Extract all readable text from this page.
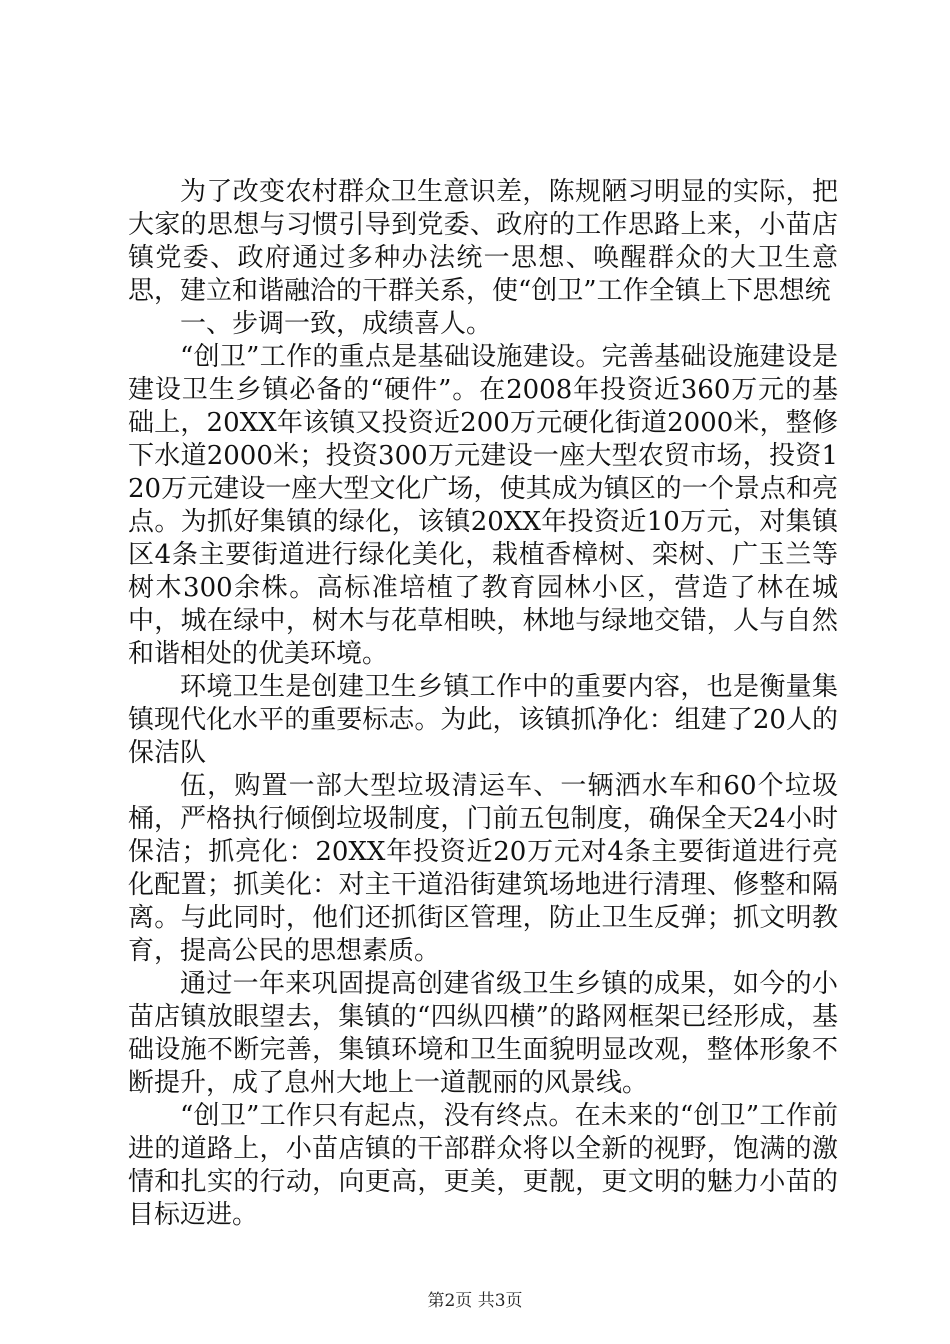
为了改变农村群众卫生意识差，陈规陋习明显的实际，把大家的思想与习惯引导到党委、政府的工作思路上来，小苗店镇党委、政府通过多种办法统一思想、唤醒群众的大卫生意思，建立和谐融洽的干群关系，使“创卫”工作全镇上下思想统

一、步调一致，成绩喜人。

“创卫”工作的重点是基础设施建设。完善基础设施建设是建设卫生乡镇必备的“硬件”。在2008年投资近360万元的基础上，20XX年该镇又投资近200万元硬化街道2000米，整修下水道2000米；投资300万元建设一座大型农贸市场，投资120万元建设一座大型文化广场，使其成为镇区的一个景点和亮点。为抓好集镇的绿化，该镇20XX年投资近10万元，对集镇区4条主要街道进行绿化美化，栽植香樟树、栾树、广玉兰等树木300余株。高标准培植了教育园林小区，营造了林在城中，城在绿中，树木与花草相映，林地与绿地交错，人与自然和谐相处的优美环境。

环境卫生是创建卫生乡镇工作中的重要内容，也是衡量集镇现代化水平的重要标志。为此，该镇抓净化：组建了20人的保洁队

伍，购置一部大型垃圾清运车、一辆洒水车和60个垃圾桶，严格执行倾倒垃圾制度，门前五包制度，确保全天24小时保洁；抓亮化：20XX年投资近20万元对4条主要街道进行亮化配置；抓美化：对主干道沿街建筑场地进行清理、修整和隔离。与此同时，他们还抓街区管理，防止卫生反弹；抓文明教育，提高公民的思想素质。

通过一年来巩固提高创建省级卫生乡镇的成果，如今的小苗店镇放眼望去，集镇的“四纵四横”的路网框架已经形成，基础设施不断完善，集镇环境和卫生面貌明显改观，整体形象不断提升，成了息州大地上一道靓丽的风景线。

“创卫”工作只有起点，没有终点。在未来的“创卫”工作前进的道路上，小苗店镇的干部群众将以全新的视野，饱满的激情和扎实的行动，向更高，更美，更靓，更文明的魅力小苗的目标迈进。

第2页 共3页
